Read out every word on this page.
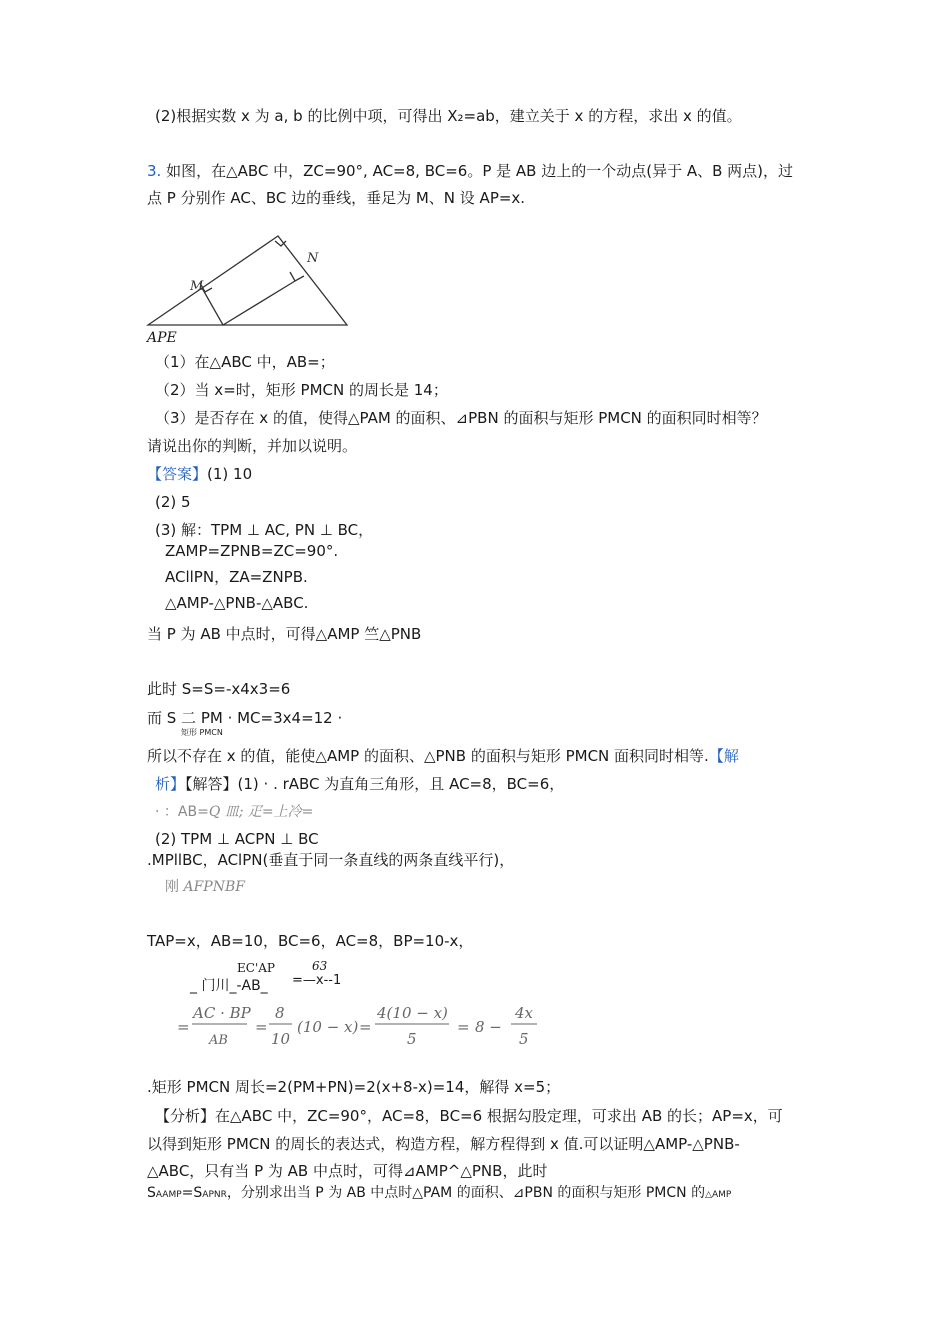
(2)根据实数 x 为 a, b 的比例中项，可得出 X₂=ab，建立关于 x 的方程，求出 x 的值。
3. 如图，在△ABC 中，ZC=90°, AC=8, BC=6。P 是 AB 边上的一个动点(异于 A、B 两点)，过
点 P 分别作 AC、BC 边的垂线，垂足为 M、N 设 AP=x.
M
N
APE
（1）在△ABC 中，AB=；
（2）当 x=时，矩形 PMCN 的周长是 14；
（3）是否存在 x 的值，使得△PAM 的面积、⊿PBN 的面积与矩形 PMCN 的面积同时相等？
请说出你的判断，并加以说明。
【答案】(1) 10
(2) 5
(3) 解：TPM ⊥ AC, PN ⊥ BC，
ZAMP=ZPNB=ZC=90°.
ACllPN，ZA=ZNPB.
△AMP-△PNB-△ABC.
当 P 为 AB 中点时，可得△AMP 竺△PNB
此时 S=S=-x4x3=6
而 S 二 PM · MC=3x4=12 ·
矩形 PMCN
所以不存在 x 的值，能使△AMP 的面积、△PNB 的面积与矩形 PMCN 面积同时相等.【解
析】【解答】(1) · . rABC 为直角三角形，且 AC=8，BC=6，
· ：AB=Q 皿; 疋=上冷=
(2) TPM ⊥ ACPN ⊥ BC
.MPllBC，AClPN(垂直于同一条直线的两条直线平行)，
刚 AFPNBF
TAP=x，AB=10，BC=6，AC=8，BP=10-x，
EC'AP	63
_ 门川_-AB_ =—x--1
=
AC · BP
AB
=
8
10
(10 − x) =
4(10 − x)
5
= 8 −
4x
5
.矩形 PMCN 周长=2(PM+PN)=2(x+8-x)=14，解得 x=5；
【分析】在△ABC 中，ZC=90°，AC=8，BC=6 根据勾股定理，可求出 AB 的长；AP=x，可
以得到矩形 PMCN 的周长的表达式，构造方程，解方程得到 x 值.可以证明△AMP-△PNB-
△ABC，只有当 P 为 AB 中点时，可得⊿AMP^△PNB，此时
SAAMP=SAPNR，分别求出当 P 为 AB 中点时△PAM 的面积、⊿PBN 的面积与矩形 PMCN 的△AMP
